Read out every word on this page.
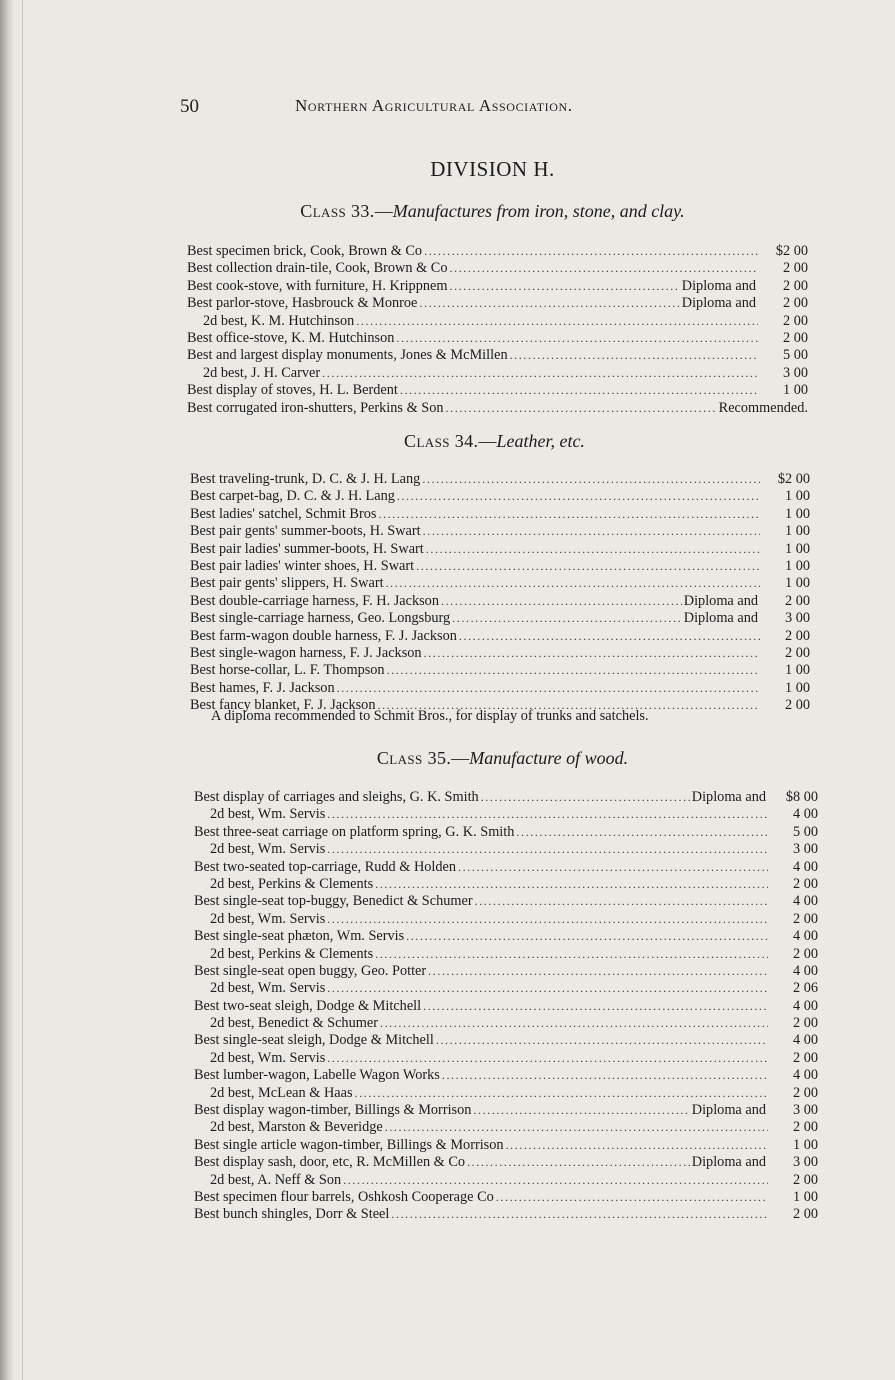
50	Northern Agricultural Association.
DIVISION H.
Class 33.—Manufactures from iron, stone, and clay.
Best specimen brick, Cook, Brown & Co .....	$2 00
Best collection drain-tile, Cook, Brown & Co .....	2 00
Best cook-stove, with furniture, H. Krippnem .....	Diploma and	2 00
Best parlor-stove, Hasbrouck & Monroe .....	Diploma and	2 00
2d best, K. M. Hutchinson .....	2 00
Best office-stove, K. M. Hutchinson .....	2 00
Best and largest display monuments, Jones & McMillen .....	5 00
2d best, J. H. Carver .....	3 00
Best display of stoves, H. L. Berdent .....	1 00
Best corrugated iron-shutters, Perkins & Son .....	Recommended.
Class 34.—Leather, etc.
Best traveling-trunk, D. C. & J. H. Lang .....	$2 00
Best carpet-bag, D. C. & J. H. Lang .....	1 00
Best ladies' satchel, Schmit Bros .....	1 00
Best pair gents' summer-boots, H. Swart .....	1 00
Best pair ladies' summer-boots, H. Swart .....	1 00
Best pair ladies' winter shoes, H. Swart .....	1 00
Best pair gents' slippers, H. Swart .....	1 00
Best double-carriage harness, F. H. Jackson .....	Diploma and	2 00
Best single-carriage harness, Geo. Longsburg .....	Diploma and	3 00
Best farm-wagon double harness, F. J. Jackson .....	2 00
Best single-wagon harness, F. J. Jackson .....	2 00
Best horse-collar, L. F. Thompson .....	1 00
Best hames, F. J. Jackson .....	1 00
Best fancy blanket, F. J. Jackson .....	2 00
A diploma recommended to Schmit Bros., for display of trunks and satchels.
Class 35.—Manufacture of wood.
Best display of carriages and sleighs, G. K. Smith .....	Diploma and	$8 00
2d best, Wm. Servis .....	4 00
Best three-seat carriage on platform spring, G. K. Smith .....	5 00
2d best, Wm. Servis .....	3 00
Best two-seated top-carriage, Rudd & Holden .....	4 00
2d best, Perkins & Clements .....	2 00
Best single-seat top-buggy, Benedict & Schumer .....	4 00
2d best, Wm. Servis .....	2 00
Best single-seat phæton, Wm. Servis .....	4 00
2d best, Perkins & Clements .....	2 00
Best single-seat open buggy, Geo. Potter .....	4 00
2d best, Wm. Servis .....	2 06
Best two-seat sleigh, Dodge & Mitchell .....	4 00
2d best, Benedict & Schumer .....	2 00
Best single-seat sleigh, Dodge & Mitchell .....	4 00
2d best, Wm. Servis .....	2 00
Best lumber-wagon, Labelle Wagon Works .....	4 00
2d best, McLean & Haas .....	2 00
Best display wagon-timber, Billings & Morrison .....	Diploma and	3 00
2d best, Marston & Beveridge .....	2 00
Best single article wagon-timber, Billings & Morrison .....	1 00
Best display sash, door, etc, R. McMillen & Co .....	Diploma and	3 00
2d best, A. Neff & Son .....	2 00
Best specimen flour barrels, Oshkosh Cooperage Co .....	1 00
Best bunch shingles, Dorr & Steel .....	2 00
